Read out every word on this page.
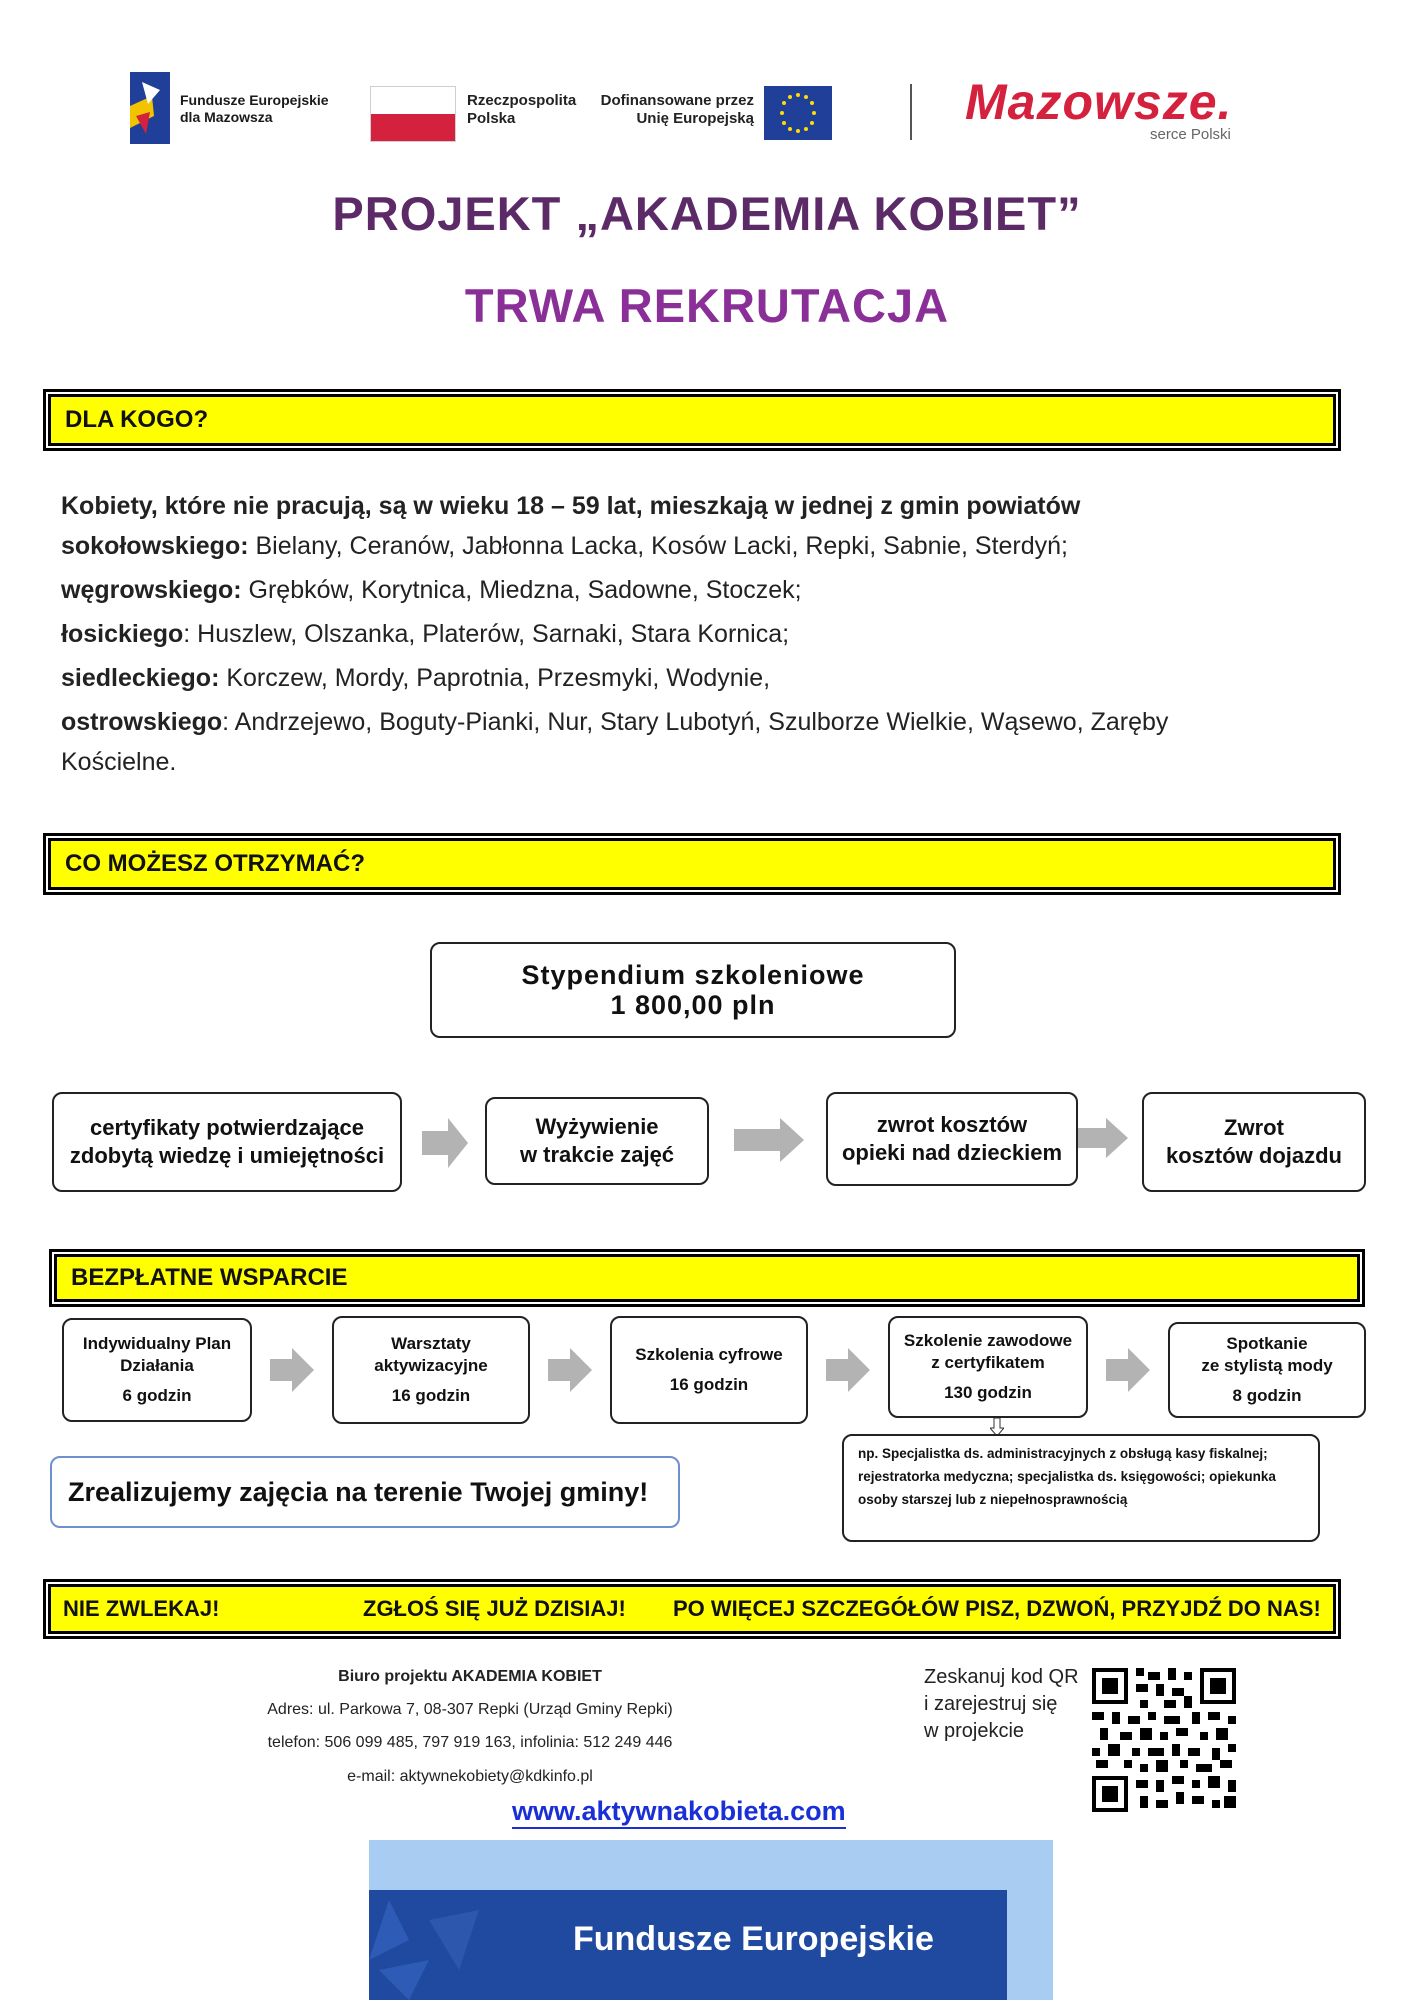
Fundusze Europejskie
dla Mazowsza
Rzeczpospolita
Polska
Dofinansowane przez
Unię Europejską	Mazowsze.
serce Polski
PROJEKT „AKADEMIA KOBIET”
TRWA REKRUTACJA
DLA KOGO?
Kobiety, które nie pracują, są w wieku 18 – 59 lat, mieszkają w jednej z gmin powiatów
sokołowskiego: Bielany, Ceranów, Jabłonna Lacka, Kosów Lacki, Repki, Sabnie, Sterdyń;
węgrowskiego: Grębków, Korytnica, Miedzna, Sadowne, Stoczek;
łosickiego: Huszlew, Olszanka, Platerów, Sarnaki, Stara Kornica;
siedleckiego: Korczew, Mordy, Paprotnia, Przesmyki, Wodynie,
ostrowskiego: Andrzejewo, Boguty-Pianki, Nur, Stary Lubotyń, Szulborze Wielkie, Wąsewo, Zaręby
Kościelne.
CO MOŻESZ OTRZYMAĆ?
Stypendium szkoleniowe
1 800,00 pln
certyfikaty potwierdzające
zdobytą wiedzę i umiejętności
Wyżywienie
w trakcie zajęć
zwrot kosztów
opieki nad dzieckiem
Zwrot
kosztów dojazdu
BEZPŁATNE WSPARCIE
Indywidualny Plan
Działania
6 godzin
Warsztaty
aktywizacyjne
16 godzin
Szkolenia cyfrowe
16 godzin
Szkolenie zawodowe
z certyfikatem
130 godzin
Spotkanie
ze stylistą mody
8 godzin
np. Specjalistka ds. administracyjnych z obsługą kasy fiskalnej; rejestratorka medyczna; specjalistka ds. księgowości; opiekunka osoby starszej lub z niepełnosprawnością
Zrealizujemy zajęcia na terenie Twojej gminy!
NIE ZWLEKAJ!	ZGŁOŚ SIĘ JUŻ DZISIAJ!	PO WIĘCEJ SZCZEGÓŁÓW PISZ, DZWOŃ, PRZYJDŹ DO NAS!
Biuro projektu AKADEMIA KOBIET
Adres: ul. Parkowa 7, 08-307 Repki (Urząd Gminy Repki)
telefon: 506 099 485, 797 919 163, infolinia: 512 249 446
e-mail: aktywnekobiety@kdkinfo.pl
www.aktywnakobieta.com
Zeskanuj kod QR
i zarejestruj się
w projekcie
Fundusze Europejskie
